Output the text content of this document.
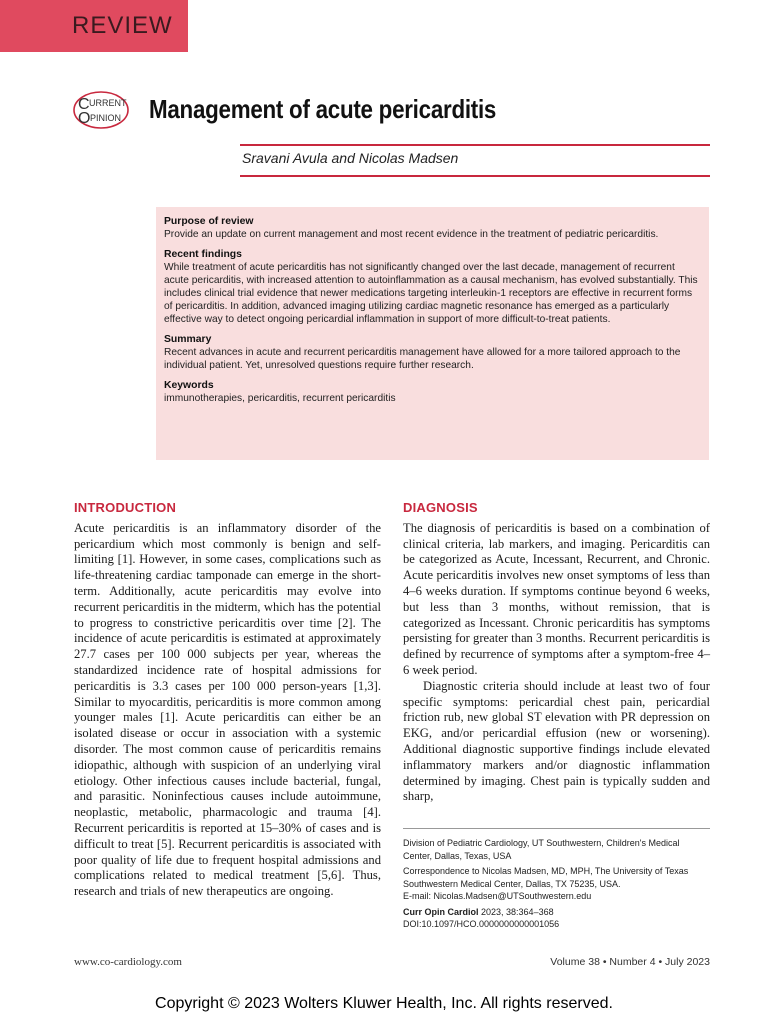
REVIEW
C URRENT
O PINION Management of acute pericarditis
Sravani Avula and Nicolas Madsen
Purpose of review

Provide an update on current management and most recent evidence in the treatment of pediatric pericarditis.

Recent findings

While treatment of acute pericarditis has not significantly changed over the last decade, management of recurrent acute pericarditis, with increased attention to autoinflammation as a causal mechanism, has evolved substantially. This includes clinical trial evidence that newer medications targeting interleukin-1 receptors are effective in recurrent forms of pericarditis. In addition, advanced imaging utilizing cardiac magnetic resonance has emerged as a particularly effective way to detect ongoing pericardial inflammation in support of more difficult-to-treat patients.

Summary

Recent advances in acute and recurrent pericarditis management have allowed for a more tailored approach to the individual patient. Yet, unresolved questions require further research.

Keywords

immunotherapies, pericarditis, recurrent pericarditis

INTRODUCTION

Acute pericarditis is an inflammatory disorder of the pericardium which most commonly is benign and self-limiting [1]. However, in some cases, complications such as life-threatening cardiac tamponade can emerge in the short-term. Additionally, acute pericarditis may evolve into recurrent pericarditis in the midterm, which has the potential to progress to constrictive pericarditis over time [2]. The incidence of acute pericarditis is estimated at approximately 27.7 cases per 100 000 subjects per year, whereas the standardized incidence rate of hospital admissions for pericarditis is 3.3 cases per 100 000 person-years [1,3]. Similar to myocarditis, pericarditis is more common among younger males [1]. Acute pericarditis can either be an isolated disease or occur in association with a systemic disorder. The most common cause of pericarditis remains idiopathic, although with suspicion of an underlying viral etiology. Other infectious causes include bacterial, fungal, and parasitic. Noninfectious causes include autoimmune, neoplastic, metabolic, pharmacologic and trauma [4]. Recurrent pericarditis is reported at 15–30% of cases and is difficult to treat [5]. Recurrent pericarditis is associated with poor quality of life due to frequent hospital admissions and complications related to medical treatment [5,6]. Thus, research and trials of new therapeutics are ongoing.

DIAGNOSIS

The diagnosis of pericarditis is based on a combination of clinical criteria, lab markers, and imaging. Pericarditis can be categorized as Acute, Incessant, Recurrent, and Chronic. Acute pericarditis involves new onset symptoms of less than 4–6 weeks duration. If symptoms continue beyond 6 weeks, but less than 3 months, without remission, that is categorized as Incessant. Chronic pericarditis has symptoms persisting for greater than 3 months. Recurrent pericarditis is defined by recurrence of symptoms after a symptom-free 4–6 week period.

Diagnostic criteria should include at least two of four specific symptoms: pericardial chest pain, pericardial friction rub, new global ST elevation with PR depression on EKG, and/or pericardial effusion (new or worsening). Additional diagnostic supportive findings include elevated inflammatory markers and/or diagnostic inflammation determined by imaging. Chest pain is typically sudden and sharp,

Division of Pediatric Cardiology, UT Southwestern, Children's Medical Center, Dallas, Texas, USA

Correspondence to Nicolas Madsen, MD, MPH, The University of Texas Southwestern Medical Center, Dallas, TX 75235, USA.
E-mail: Nicolas.Madsen@UTSouthwestern.edu

Curr Opin Cardiol 2023, 38:364–368
DOI:10.1097/HCO.0000000000001056

www.co-cardiology.com	Volume 38 • Number 4 • July 2023
Copyright © 2023 Wolters Kluwer Health, Inc. All rights reserved.
